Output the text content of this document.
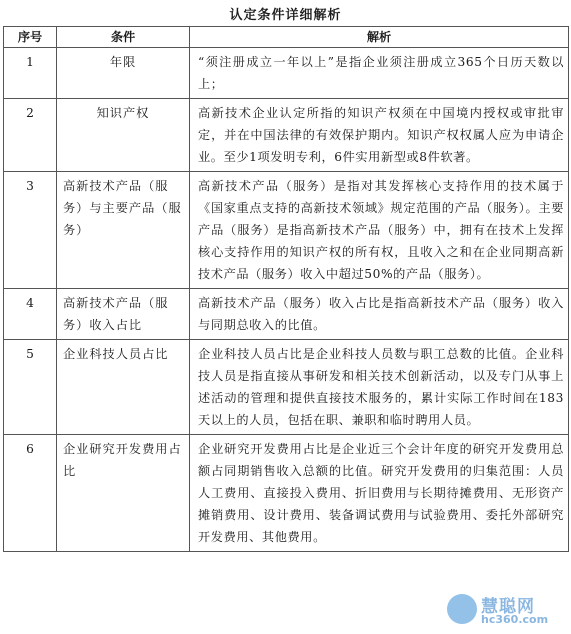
认定条件详细解析
序号	条件	解析
1	年限	“须注册成立一年以上”是指企业须注册成立365个日历天数以上；
2	知识产权	高新技术企业认定所指的知识产权须在中国境内授权或审批审定，并在中国法律的有效保护期内。知识产权权属人应为申请企业。至少1项发明专利，6件实用新型或8件软著。
3	高新技术产品（服务）与主要产品（服务）	高新技术产品（服务）是指对其发挥核心支持作用的技术属于《国家重点支持的高新技术领域》规定范围的产品（服务）。主要产品（服务）是指高新技术产品（服务）中，拥有在技术上发挥核心支持作用的知识产权的所有权，且收入之和在企业同期高新技术产品（服务）收入中超过50%的产品（服务）。
4	高新技术产品（服务）收入占比	高新技术产品（服务）收入占比是指高新技术产品（服务）收入与同期总收入的比值。
5	企业科技人员占比	企业科技人员占比是企业科技人员数与职工总数的比值。企业科技人员是指直接从事研发和相关技术创新活动，以及专门从事上述活动的管理和提供直接技术服务的，累计实际工作时间在183天以上的人员，包括在职、兼职和临时聘用人员。
6	企业研究开发费用占比	企业研究开发费用占比是企业近三个会计年度的研究开发费用总额占同期销售收入总额的比值。研究开发费用的归集范围：人员人工费用、直接投入费用、折旧费用与长期待摊费用、无形资产摊销费用、设计费用、装备调试费用与试验费用、委托外部研究开发费用、其他费用。
慧聪网
hc360.com
